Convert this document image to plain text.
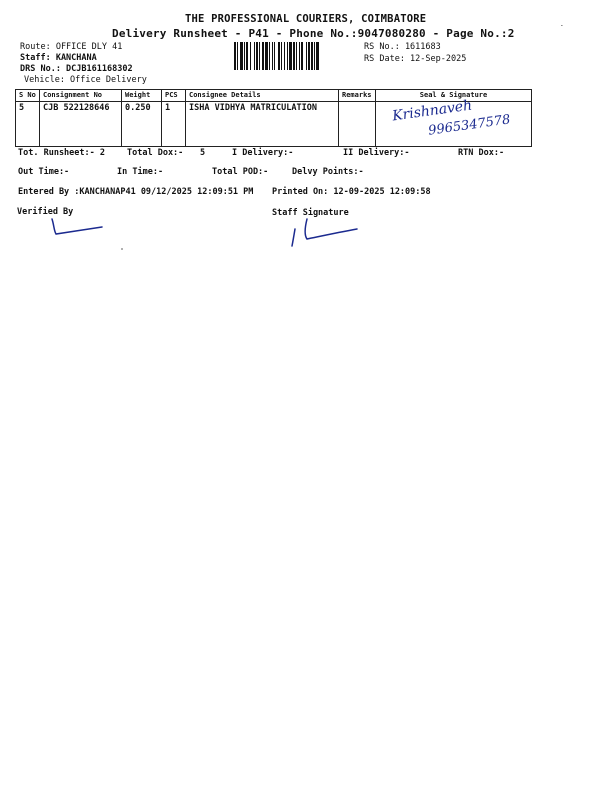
THE PROFESSIONAL COURIERS, COIMBATORE
Delivery Runsheet - P41 - Phone No.:9047080280 - Page No.:2
-
Route: OFFICE DLY 41
Staff: KANCHANA
DRS No.: DCJB161168302
Vehicle: Office Delivery
RS No.: 1611683
RS Date: 12-Sep-2025
S No	Consignment No	Weight	PCS	Consignee Details	Remarks	Seal & Signature
5	CJB 522128646	0.250	1	ISHA VIDHYA MATRICULATION			Krishnaveh
9965347578
Tot. Runsheet:- 2	Total Dox:- 5	I Delivery:-	II Delivery:-	RTN Dox:-
Out Time:-	In Time:-	Total POD:-	Delvy Points:-
Entered By :KANCHANAP41 09/12/2025 12:09:51 PM Printed On: 12-09-2025 12:09:58
Verified By	Staff Signature
